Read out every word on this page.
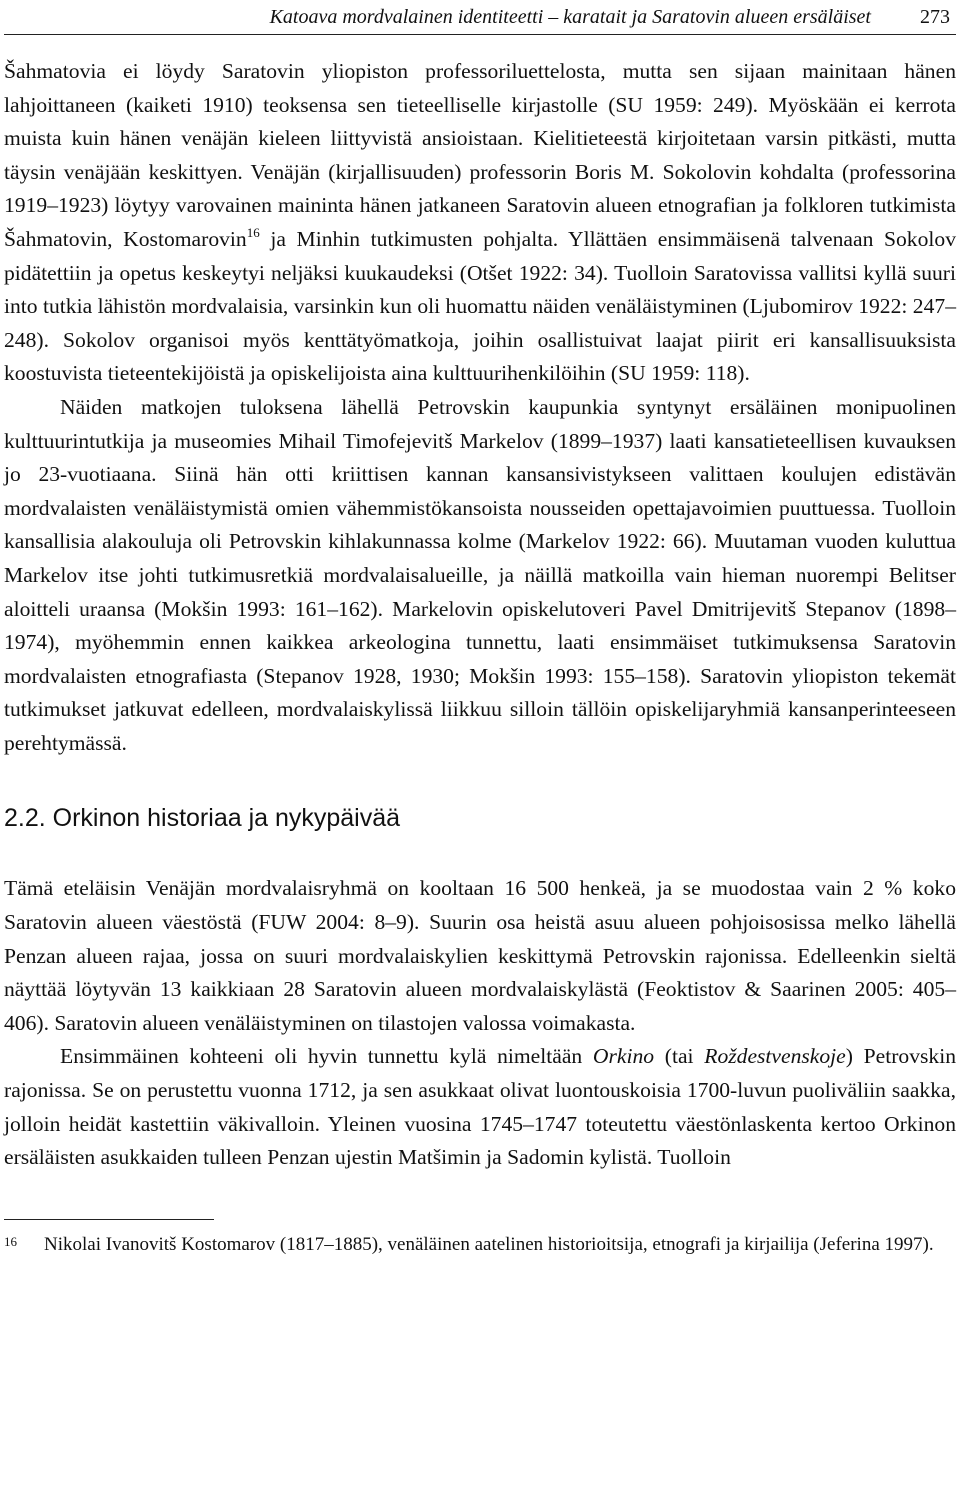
Katoava mordvalainen identiteetti – karatait ja Saratovin alueen ersäläiset 273

Šahmatovia ei löydy Saratovin yliopiston professoriluettelosta, mutta sen sijaan mainitaan hänen lahjoittaneen (kaiketi 1910) teoksensa sen tieteelliselle kirjastolle (SU 1959: 249). Myöskään ei kerrota muista kuin hänen venäjän kieleen liittyvistä ansioistaan. Kielitieteestä kirjoitetaan varsin pitkästi, mutta täysin venäjään keskittyen. Venäjän (kirjallisuuden) professorin Boris M. Sokolovin kohdalta (professorina 1919–1923) löytyy varovainen maininta hänen jatkaneen Saratovin alueen etnografian ja folkloren tutkimista Šahmatovin, Kostomarovin$^{16}$ ja Minhin tutkimusten pohjalta. Yllättäen ensimmäisenä talvenaan Sokolov pidätettiin ja opetus keskeytyi neljäksi kuukaudeksi (Otšet 1922: 34). Tuolloin Saratovissa vallitsi kyllä suuri into tutkia lähistön mordvalaisia, varsinkin kun oli huomattu näiden venäläistyminen (Ljubomirov 1922: 247–248). Sokolov organisoi myös kenttätyömatkoja, joihin osallistuivat laajat piirit eri kansallisuuksista koostuvista tieteentekijöistä ja opiskelijoista aina kulttuurihenkilöihin (SU 1959: 118).

Näiden matkojen tuloksena lähellä Petrovskin kaupunkia syntynyt ersäläinen monipuolinen kulttuurintutkija ja museomies Mihail Timofejevitš Markelov (1899–1937) laati kansatieteellisen kuvauksen jo 23-vuotiaana. Siinä hän otti kriittisen kannan kansansivistykseen valittaen koulujen edistävän mordvalaisten venäläistymistä omien vähemmistökansoista nousseiden opettajavoimien puuttuessa. Tuolloin kansallisia alakouluja oli Petrovskin kihlakunnassa kolme (Markelov 1922: 66). Muutaman vuoden kuluttua Markelov itse johti tutkimusretkiä mordvalaisalueille, ja näillä matkoilla vain hieman nuorempi Belitser aloitteli uraansa (Mokšin 1993: 161–162). Markelovin opiskelutoveri Pavel Dmitrijevitš Stepanov (1898–1974), myöhemmin ennen kaikkea arkeologina tunnettu, laati ensimmäiset tutkimuksensa Saratovin mordvalaisten etnografiasta (Stepanov 1928, 1930; Mokšin 1993: 155–158). Saratovin yliopiston tekemät tutkimukset jatkuvat edelleen, mordvalaiskylissä liikkuu silloin tällöin opiskelijaryhmiä kansanperinteeseen perehtymässä.

2.2. Orkinon historiaa ja nykypäivää

Tämä eteläisin Venäjän mordvalaisryhmä on kooltaan 16 500 henkeä, ja se muodostaa vain 2 % koko Saratovin alueen väestöstä (FUW 2004: 8–9). Suurin osa heistä asuu alueen pohjoisosissa melko lähellä Penzan alueen rajaa, jossa on suuri mordvalaiskylien keskittymä Petrovskin rajonissa. Edelleenkin sieltä näyttää löytyvän 13 kaikkiaan 28 Saratovin alueen mordvalaiskylästä (Feoktistov & Saarinen 2005: 405–406). Saratovin alueen venäläistyminen on tilastojen valossa voimakasta.

Ensimmäinen kohteeni oli hyvin tunnettu kylä nimeltään Orkino (tai Roždestvenskoje) Petrovskin rajonissa. Se on perustettu vuonna 1712, ja sen asukkaat olivat luontouskoisia 1700-luvun puoliväliin saakka, jolloin heidät kastettiin väkivalloin. Yleinen vuosina 1745–1747 toteutettu väestönlaskenta kertoo Orkinon ersäläisten asukkaiden tulleen Penzan ujestin Matšimin ja Sadomin kylistä. Tuolloin

16 Nikolai Ivanovitš Kostomarov (1817–1885), venäläinen aatelinen historioitsija, etnografi ja kirjailija (Jeferina 1997).
